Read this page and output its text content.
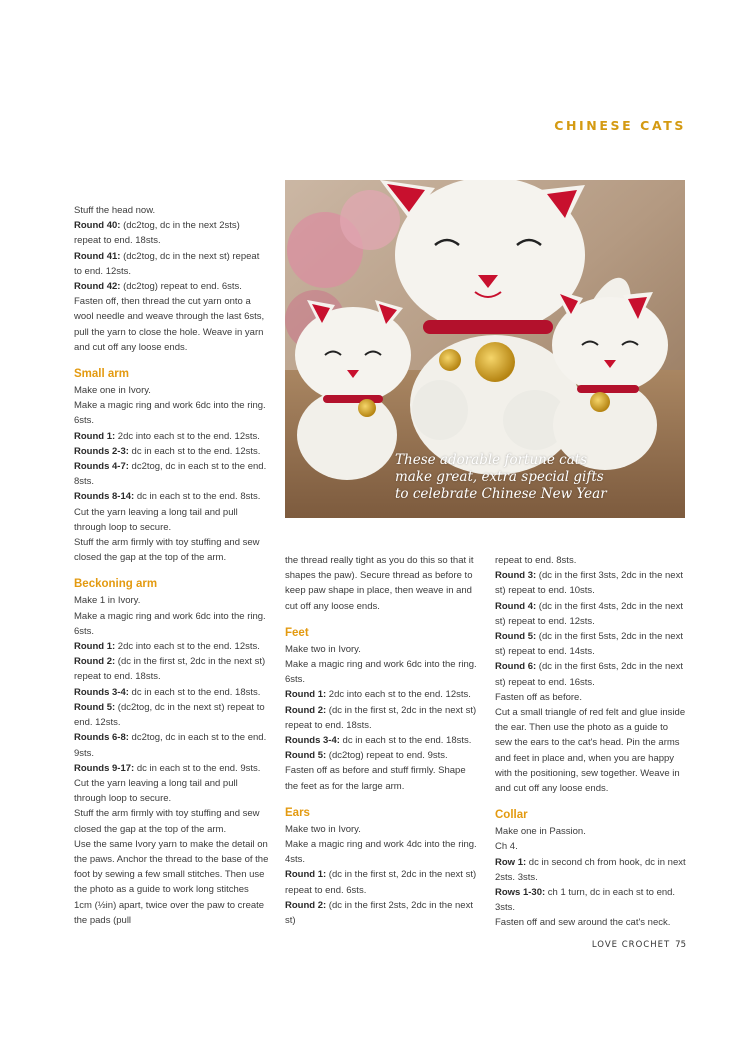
CHINESE CATS
These adorable fortune cats
make great, extra special gifts
to celebrate Chinese New Year

Stuff the head now.

Round 40: (dc2tog, dc in the next 2sts) repeat to end. 18sts.

Round 41: (dc2tog, dc in the next st) repeat to end. 12sts.

Round 42: (dc2tog) repeat to end. 6sts.

Fasten off, then thread the cut yarn onto a wool needle and weave through the last 6sts, pull the yarn to close the hole. Weave in yarn and cut off any loose ends.

Small arm

Make one in Ivory.

Make a magic ring and work 6dc into the ring. 6sts.

Round 1: 2dc into each st to the end. 12sts.

Rounds 2-3: dc in each st to the end. 12sts.

Rounds 4-7: dc2tog, dc in each st to the end. 8sts.

Rounds 8-14: dc in each st to the end. 8sts.

Cut the yarn leaving a long tail and pull through loop to secure.

Stuff the arm firmly with toy stuffing and sew closed the gap at the top of the arm.

Beckoning arm

Make 1 in Ivory.

Make a magic ring and work 6dc into the ring. 6sts.

Round 1: 2dc into each st to the end. 12sts.

Round 2: (dc in the first st, 2dc in the next st) repeat to end. 18sts.

Rounds 3-4: dc in each st to the end. 18sts.

Round 5: (dc2tog, dc in the next st) repeat to end. 12sts.

Rounds 6-8: dc2tog, dc in each st to the end. 9sts.

Rounds 9-17: dc in each st to the end. 9sts.

Cut the yarn leaving a long tail and pull through loop to secure.

Stuff the arm firmly with toy stuffing and sew closed the gap at the top of the arm.

Use the same Ivory yarn to make the detail on the paws. Anchor the thread to the base of the foot by sewing a few small stitches. Then use the photo as a guide to work long stitches 1cm (½in) apart, twice over the paw to create the pads (pull

the thread really tight as you do this so that it shapes the paw). Secure thread as before to keep paw shape in place, then weave in and cut off any loose ends.

Feet

Make two in Ivory.

Make a magic ring and work 6dc into the ring. 6sts.

Round 1: 2dc into each st to the end. 12sts.

Round 2: (dc in the first st, 2dc in the next st) repeat to end. 18sts.

Rounds 3-4: dc in each st to the end. 18sts.

Round 5: (dc2tog) repeat to end. 9sts.

Fasten off as before and stuff firmly. Shape the feet as for the large arm.

Ears

Make two in Ivory.

Make a magic ring and work 4dc into the ring. 4sts.

Round 1: (dc in the first st, 2dc in the next st) repeat to end. 6sts.

Round 2: (dc in the first 2sts, 2dc in the next st)

repeat to end. 8sts.

Round 3: (dc in the first 3sts, 2dc in the next st) repeat to end. 10sts.

Round 4: (dc in the first 4sts, 2dc in the next st) repeat to end. 12sts.

Round 5: (dc in the first 5sts, 2dc in the next st) repeat to end. 14sts.

Round 6: (dc in the first 6sts, 2dc in the next st) repeat to end. 16sts.

Fasten off as before.

Cut a small triangle of red felt and glue inside the ear. Then use the photo as a guide to sew the ears to the cat's head. Pin the arms and feet in place and, when you are happy with the positioning, sew together. Weave in and cut off any loose ends.

Collar

Make one in Passion.

Ch 4.

Row 1: dc in second ch from hook, dc in next 2sts. 3sts.

Rows 1-30: ch 1 turn, dc in each st to end. 3sts.

Fasten off and sew around the cat's neck.

LOVE CROCHET 75
